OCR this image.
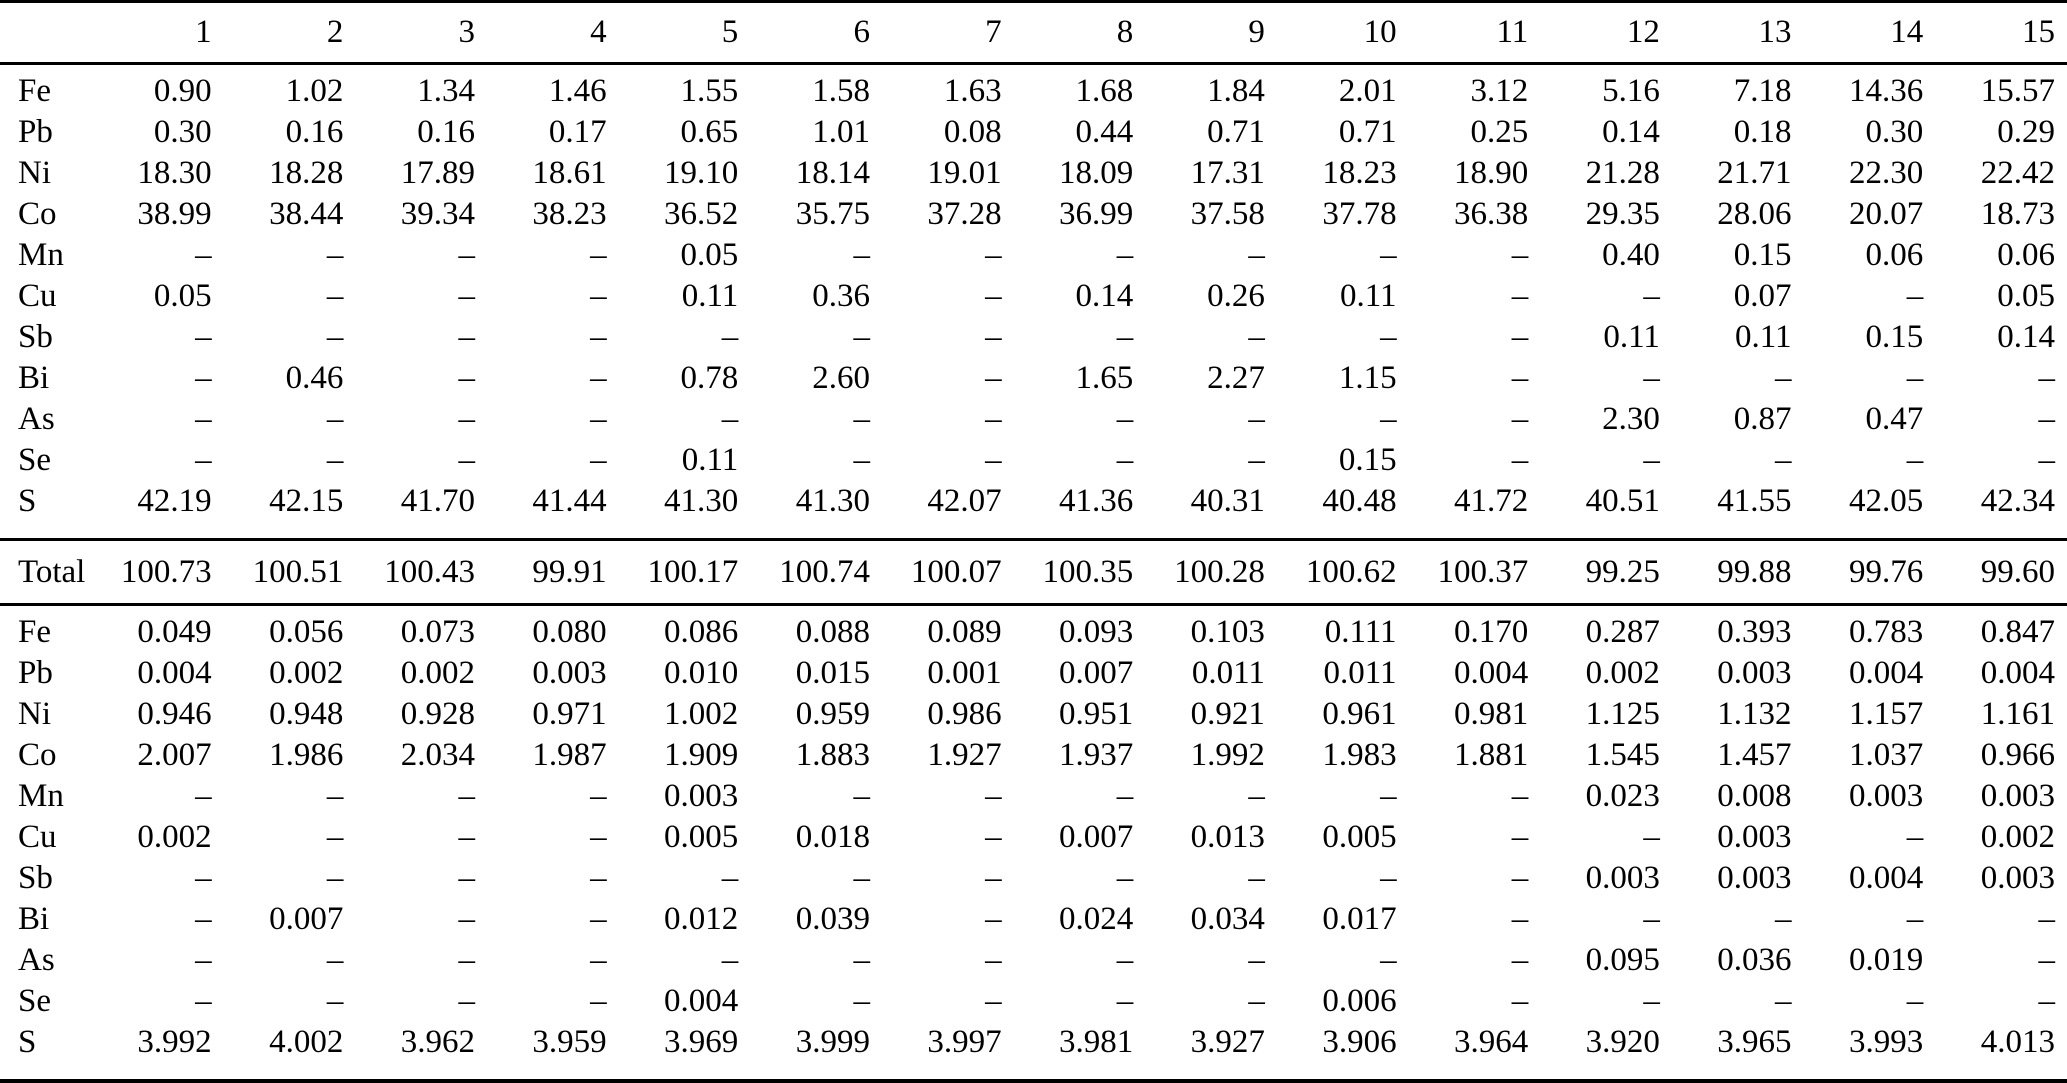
	1	2	3	4	5	6	7	8	9	10	11	12	13	14	15
Fe	0.90	1.02	1.34	1.46	1.55	1.58	1.63	1.68	1.84	2.01	3.12	5.16	7.18	14.36	15.57
Pb	0.30	0.16	0.16	0.17	0.65	1.01	0.08	0.44	0.71	0.71	0.25	0.14	0.18	0.30	0.29
Ni	18.30	18.28	17.89	18.61	19.10	18.14	19.01	18.09	17.31	18.23	18.90	21.28	21.71	22.30	22.42
Co	38.99	38.44	39.34	38.23	36.52	35.75	37.28	36.99	37.58	37.78	36.38	29.35	28.06	20.07	18.73
Mn	–	–	–	–	0.05	–	–	–	–	–	–	0.40	0.15	0.06	0.06
Cu	0.05	–	–	–	0.11	0.36	–	0.14	0.26	0.11	–	–	0.07	–	0.05
Sb	–	–	–	–	–	–	–	–	–	–	–	0.11	0.11	0.15	0.14
Bi	–	0.46	–	–	0.78	2.60	–	1.65	2.27	1.15	–	–	–	–	–
As	–	–	–	–	–	–	–	–	–	–	–	2.30	0.87	0.47	–
Se	–	–	–	–	0.11	–	–	–	–	0.15	–	–	–	–	–
S	42.19	42.15	41.70	41.44	41.30	41.30	42.07	41.36	40.31	40.48	41.72	40.51	41.55	42.05	42.34
Total	100.73	100.51	100.43	99.91	100.17	100.74	100.07	100.35	100.28	100.62	100.37	99.25	99.88	99.76	99.60
Fe	0.049	0.056	0.073	0.080	0.086	0.088	0.089	0.093	0.103	0.111	0.170	0.287	0.393	0.783	0.847
Pb	0.004	0.002	0.002	0.003	0.010	0.015	0.001	0.007	0.011	0.011	0.004	0.002	0.003	0.004	0.004
Ni	0.946	0.948	0.928	0.971	1.002	0.959	0.986	0.951	0.921	0.961	0.981	1.125	1.132	1.157	1.161
Co	2.007	1.986	2.034	1.987	1.909	1.883	1.927	1.937	1.992	1.983	1.881	1.545	1.457	1.037	0.966
Mn	–	–	–	–	0.003	–	–	–	–	–	–	0.023	0.008	0.003	0.003
Cu	0.002	–	–	–	0.005	0.018	–	0.007	0.013	0.005	–	–	0.003	–	0.002
Sb	–	–	–	–	–	–	–	–	–	–	–	0.003	0.003	0.004	0.003
Bi	–	0.007	–	–	0.012	0.039	–	0.024	0.034	0.017	–	–	–	–	–
As	–	–	–	–	–	–	–	–	–	–	–	0.095	0.036	0.019	–
Se	–	–	–	–	0.004	–	–	–	–	0.006	–	–	–	–	–
S	3.992	4.002	3.962	3.959	3.969	3.999	3.997	3.981	3.927	3.906	3.964	3.920	3.965	3.993	4.013
